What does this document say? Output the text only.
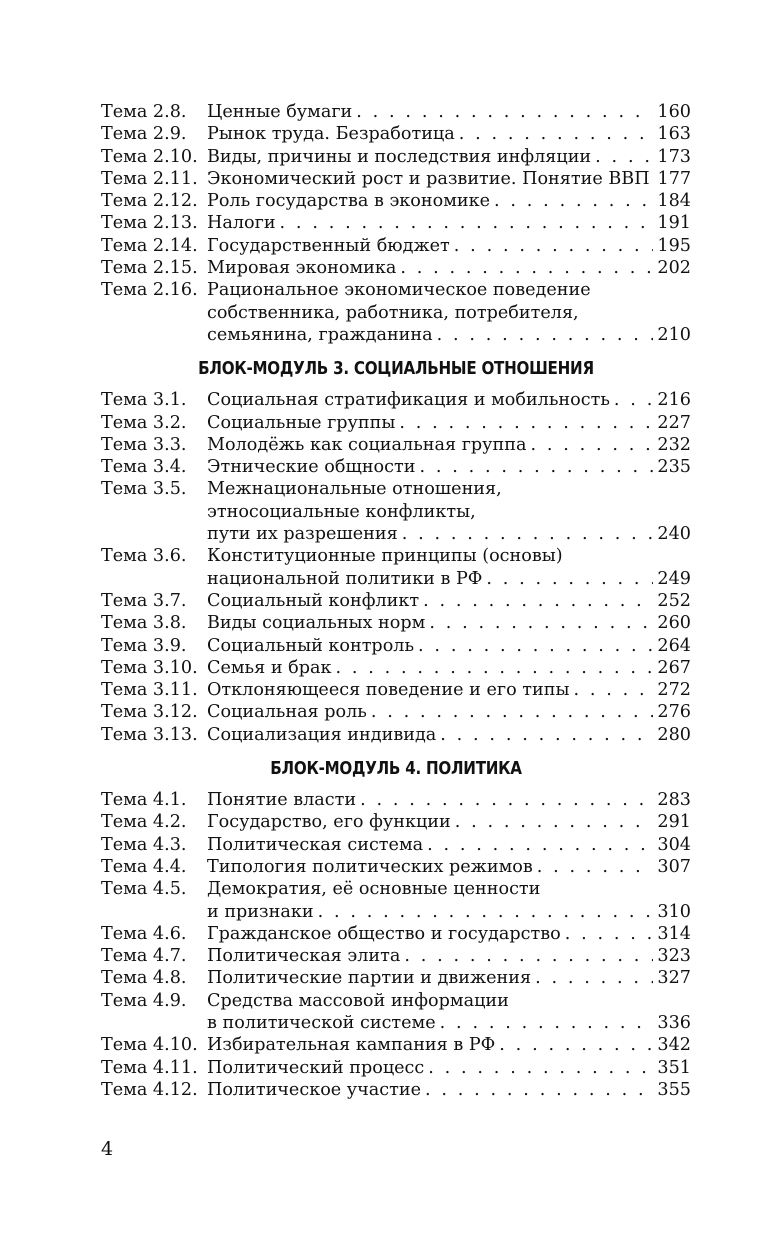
Тема 2.8.	Ценные бумаги . . .	160
Тема 2.9.	Рынок труда. Безработица . . .	163
Тема 2.10. Виды, причины и последствия инфляции . . .	173
Тема 2.11. Экономический рост и развитие. Понятие ВВП 177
Тема 2.12. Роль государства в экономике . . .	184
Тема 2.13. Налоги . . .	191
Тема 2.14. Государственный бюджет . . .	195
Тема 2.15. Мировая экономика . . .	202
Тема 2.16. Рациональное экономическое поведение
собственника, работника, потребителя,
семьянина, гражданина . . .	210
БЛОК-МОДУЛЬ 3. СОЦИАЛЬНЫЕ ОТНОШЕНИЯ
Тема 3.1.	Социальная стратификация и мобильность . . .	216
Тема 3.2.	Социальные группы . . .	227
Тема 3.3.	Молодёжь как социальная группа . . .	232
Тема 3.4.	Этнические общности . . .	235
Тема 3.5.	Межнациональные отношения,
этносоциальные конфликты,
пути их разрешения . . .	240
Тема 3.6.	Конституционные принципы (основы)
национальной политики в РФ . . .	249
Тема 3.7.	Социальный конфликт . . .	252
Тема 3.8.	Виды социальных норм . . .	260
Тема 3.9.	Социальный контроль . . .	264
Тема 3.10. Семья и брак . . .	267
Тема 3.11. Отклоняющееся поведение и его типы . . .	272
Тема 3.12. Социальная роль . . .	276
Тема 3.13. Социализация индивида . . .	280
БЛОК-МОДУЛЬ 4. ПОЛИТИКА
Тема 4.1.	Понятие власти . . .	283
Тема 4.2.	Государство, его функции . . .	291
Тема 4.3.	Политическая система . . .	304
Тема 4.4.	Типология политических режимов . . .	307
Тема 4.5.	Демократия, её основные ценности
и признаки . . .	310
Тема 4.6.	Гражданское общество и государство . . .	314
Тема 4.7.	Политическая элита . . .	323
Тема 4.8.	Политические партии и движения . . .	327
Тема 4.9.	Средства массовой информации
в политической системе . . .	336
Тема 4.10. Избирательная кампания в РФ . . .	342
Тема 4.11. Политический процесс . . .	351
Тема 4.12. Политическое участие . . .	355
4
